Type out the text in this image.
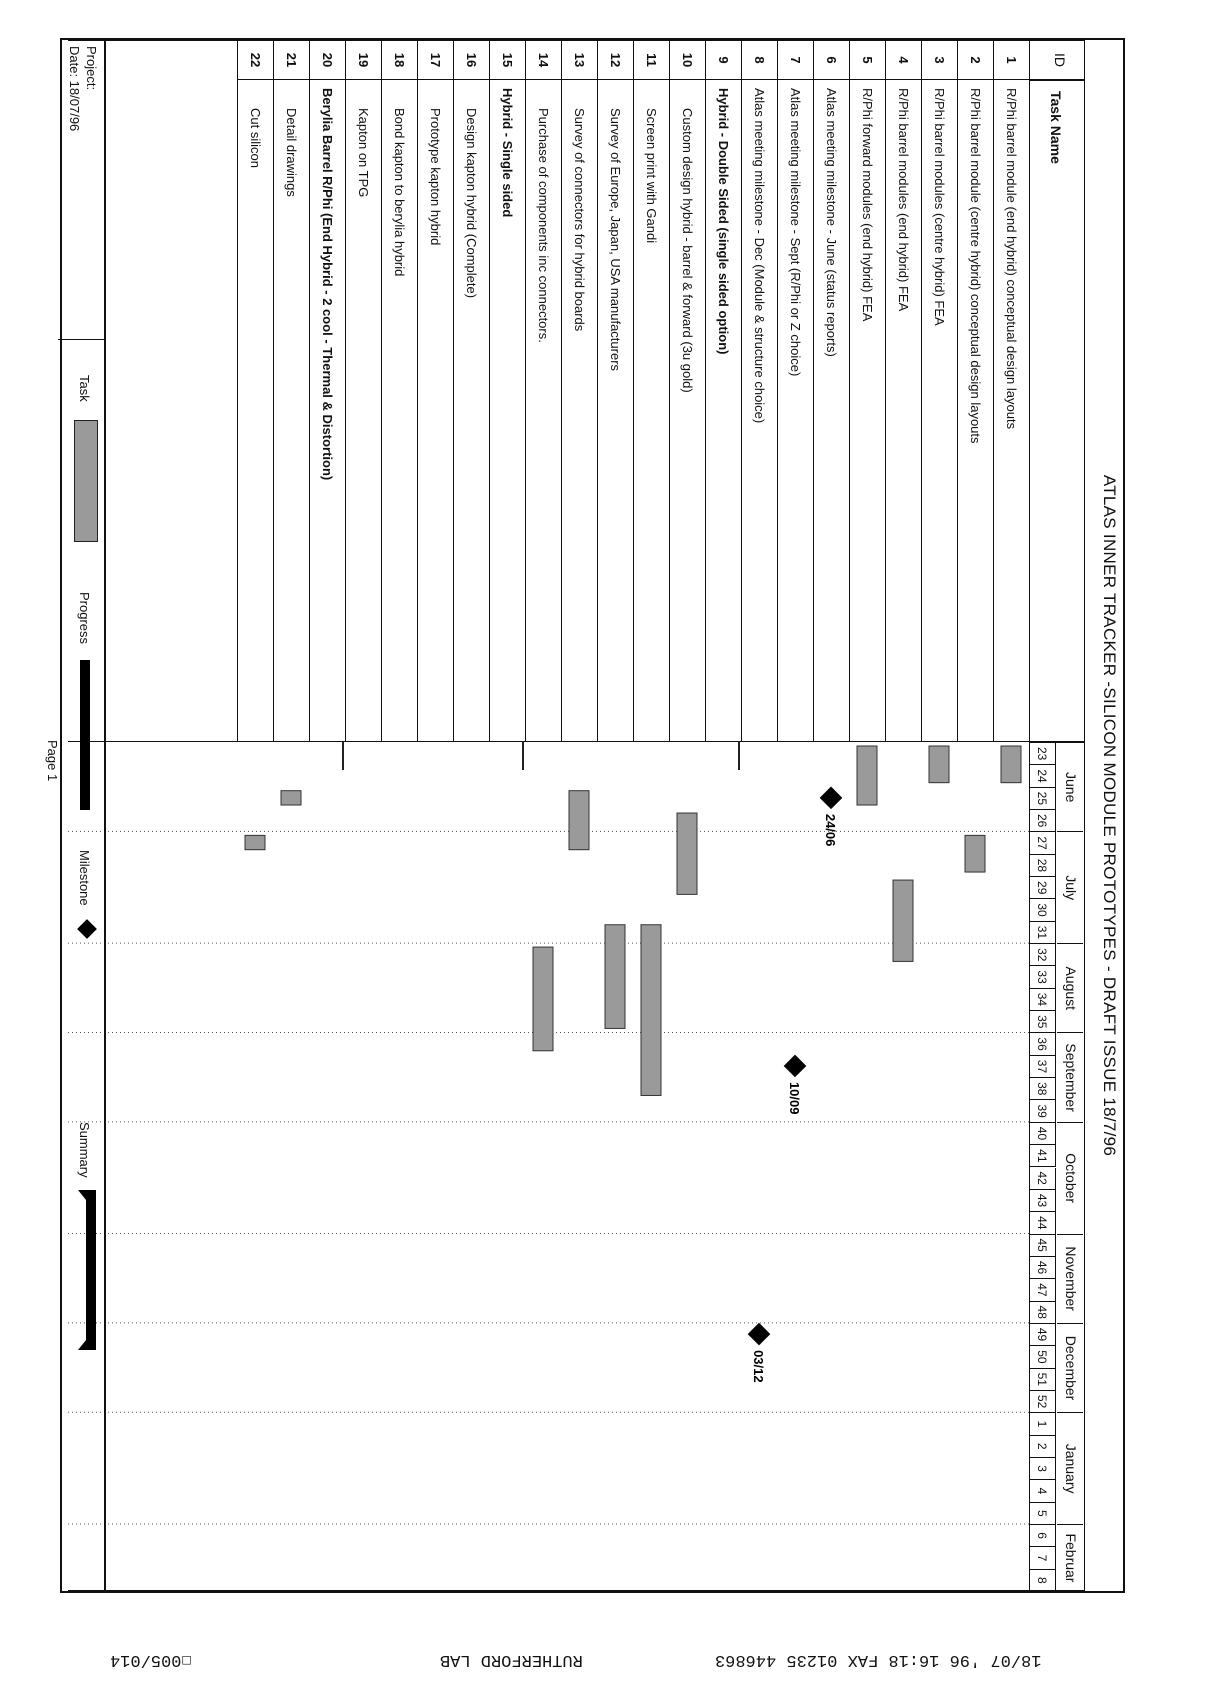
☐005/014	RUTHERFORD LAB	18/07 '96 16:18 FAX 01235 446863
ATLAS INNER TRACKER -SILICON MODULE PROTOTYPES - DRAFT ISSUE 18/7/96
ID
Task Name
June
July
August
September
October
November
December
January
Februar
23
24
25
26
27
28
29
30
31
32
33
34
35
36
37
38
39
40
41
42
43
44
45
46
47
48
49
50
51
52
1
2
3
4
5
6
7
8
1
R/Phi barrel module (end hybrid) conceptual design layouts
2
R/Phi barrel module (centre hybrid) conceptual design layouts
3
R/Phi barrel modules (centre hybrid) FEA
4
R/Phi barrel modules (end hybrid) FEA
5
R/Phi forward modules (end hybrid) FEA
6
Atlas meeting milestone - June (status reports)
7
Atlas meeting milestone - Sept (R/Phi or Z choice)
8
Atlas meeting milestone - Dec (Module & structure choice)
9
Hybrid - Double Sided (single sided option)
10
Custom design hybrid - barrel & forward (3u gold)
11
Screen print with Gandi
12
Survey of Europe, Japan, USA manufacturers
13
Survey of connectors for hybrid boards
14
Purchase of components inc connectors.
15
Hybrid - Single sided
16
Design kapton hybrid (Complete)
17
Prototype kapton hybrid
18
Bond kapton to berylia hybrid
19
Kapton on TPG
20
Berylia Barrel R/Phi (End Hybrid - 2 cool - Thermal & Distortion)
21
Detail drawings
22
Cut silicon
24/06
10/09
03/12
Project:
Date: 18/07/96
Task
Progress
Milestone
Summary
Page 1
